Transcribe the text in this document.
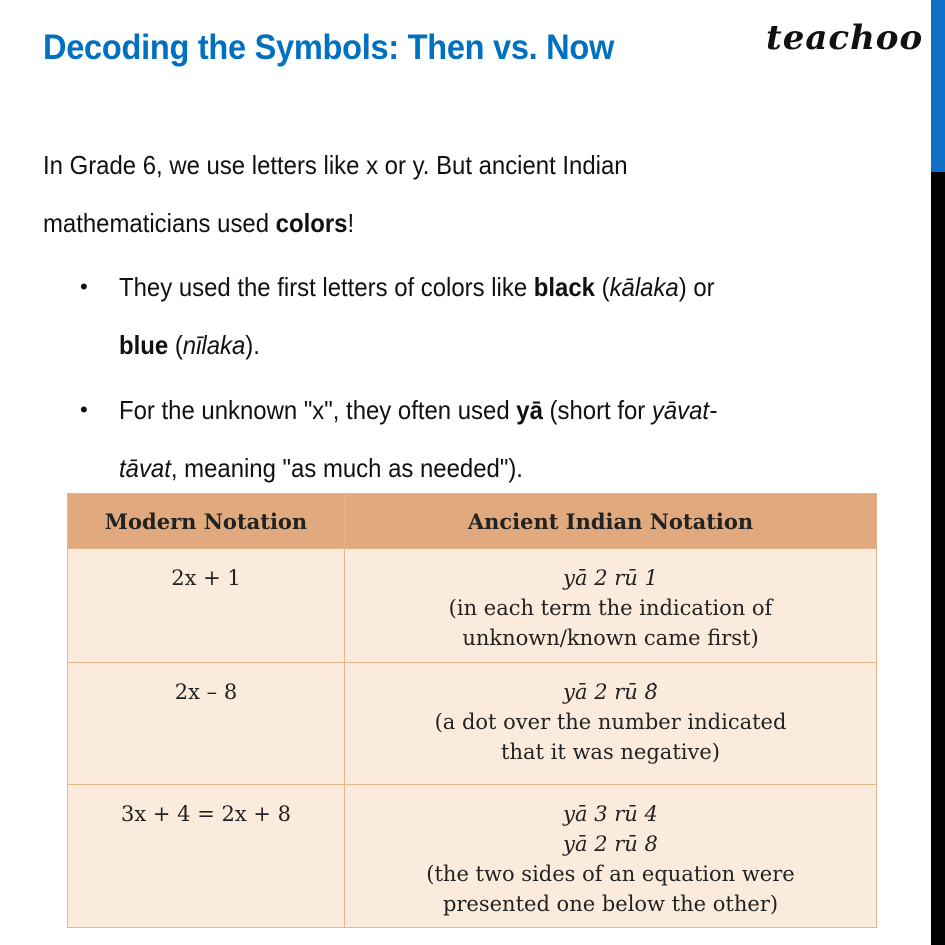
Decoding the Symbols: Then vs. Now	teachoo
In Grade 6, we use letters like x or y. But ancient Indian
mathematicians used colors!
• They used the first letters of colors like black (kālaka) or
blue (nīlaka).
• For the unknown "x", they often used yā (short for yāvat-
tāvat, meaning "as much as needed").
Modern Notation	Ancient Indian Notation
2x + 1	yā 2 rū 1
(in each term the indication of
unknown/known came first)

2x – 8	yā 2 rū 8̇
(a dot over the number indicated
that it was negative)

3x + 4 = 2x + 8	yā 3 rū 4
yā 2 rū 8
(the two sides of an equation were
presented one below the other)
